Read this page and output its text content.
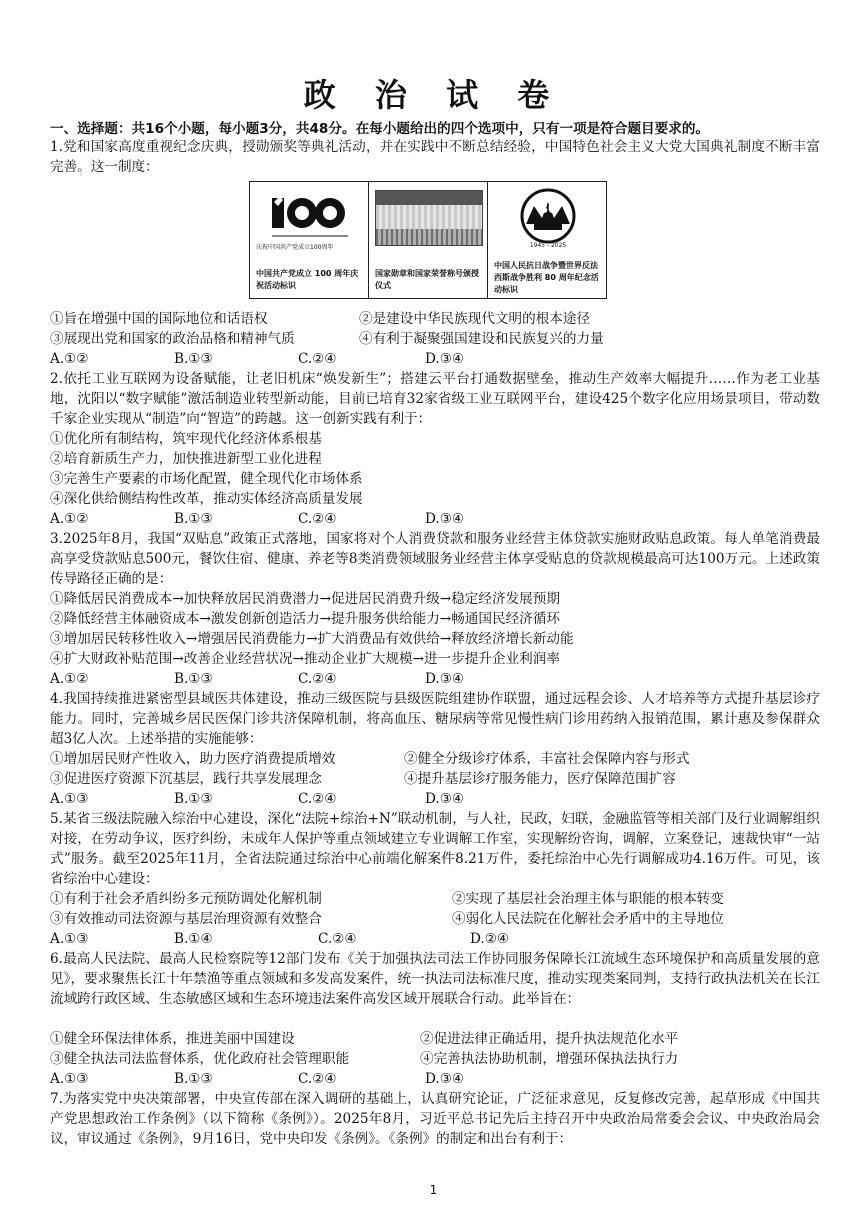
政 治 试 卷
一、选择题：共16个小题，每小题3分，共48分。在每小题给出的四个选项中，只有一项是符合题目要求的。
1.党和国家高度重视纪念庆典，授勋颁奖等典礼活动，并在实践中不断总结经验，中国特色社会主义大党大国典礼制度不断丰富完善。这一制度：
庆祝中国共产党成立100周年
中国共产党成立 100 周年庆祝活动标识
国家勋章和国家荣誉称号颁授仪式
80
1945 - 2025
中国人民抗日战争暨世界反法西斯战争胜利 80 周年纪念活动标识
①旨在增强中国的国际地位和话语权	②是建设中华民族现代文明的根本途径
③展现出党和国家的政治品格和精神气质	④有利于凝聚强国建设和民族复兴的力量
A.①②	B.①③	C.②④	D.③④
2.依托工业互联网为设备赋能，让老旧机床“焕发新生”；搭建云平台打通数据壁垒，推动生产效率大幅提升……作为老工业基地，沈阳以“数字赋能”激活制造业转型新动能，目前已培育32家省级工业互联网平台，建设425个数字化应用场景项目，带动数千家企业实现从“制造”向“智造”的跨越。这一创新实践有利于：
①优化所有制结构，筑牢现代化经济体系根基
②培育新质生产力，加快推进新型工业化进程
③完善生产要素的市场化配置，健全现代化市场体系
④深化供给侧结构性改革，推动实体经济高质量发展
A.①②	B.①③	C.②④	D.③④
3.2025年8月，我国“双贴息”政策正式落地，国家将对个人消费贷款和服务业经营主体贷款实施财政贴息政策。每人单笔消费最高享受贷款贴息500元，餐饮住宿、健康、养老等8类消费领域服务业经营主体享受贴息的贷款规模最高可达100万元。上述政策传导路径正确的是：
①降低居民消费成本→加快释放居民消费潜力→促进居民消费升级→稳定经济发展预期
②降低经营主体融资成本→激发创新创造活力→提升服务供给能力→畅通国民经济循环
③增加居民转移性收入→增强居民消费能力→扩大消费品有效供给→释放经济增长新动能
④扩大财政补贴范围→改善企业经营状况→推动企业扩大规模→进一步提升企业利润率
A.①②	B.①③	C.②④	D.③④
4.我国持续推进紧密型县域医共体建设，推动三级医院与县级医院组建协作联盟，通过远程会诊、人才培养等方式提升基层诊疗能力。同时，完善城乡居民医保门诊共济保障机制，将高血压、糖尿病等常见慢性病门诊用药纳入报销范围，累计惠及参保群众超3亿人次。上述举措的实施能够：
①增加居民财产性收入，助力医疗消费提质增效	②健全分级诊疗体系，丰富社会保障内容与形式
③促进医疗资源下沉基层，践行共享发展理念	④提升基层诊疗服务能力，医疗保障范围扩容
A.①③	B.①③	C.②④	D.③④
5.某省三级法院融入综治中心建设，深化“法院+综治+N”联动机制，与人社，民政，妇联，金融监管等相关部门及行业调解组织对接，在劳动争议，医疗纠纷，未成年人保护等重点领域建立专业调解工作室，实现解纷咨询，调解，立案登记，速裁快审“一站式”服务。截至2025年11月，全省法院通过综治中心前端化解案件8.21万件，委托综治中心先行调解成功4.16万件。可见，该省综治中心建设：
①有利于社会矛盾纠纷多元预防调处化解机制	②实现了基层社会治理主体与职能的根本转变
③有效推动司法资源与基层治理资源有效整合	④弱化人民法院在化解社会矛盾中的主导地位
A.①③	B.①④	C.②④	D.②④
6.最高人民法院、最高人民检察院等12部门发布《关于加强执法司法工作协同服务保障长江流域生态环境保护和高质量发展的意见》，要求聚焦长江十年禁渔等重点领域和多发高发案件，统一执法司法标准尺度，推动实现类案同判，支持行政执法机关在长江流域跨行政区域、生态敏感区域和生态环境违法案件高发区域开展联合行动。此举旨在：
①健全环保法律体系，推进美丽中国建设	②促进法律正确适用，提升执法规范化水平
③健全执法司法监督体系，优化政府社会管理职能	④完善执法协助机制，增强环保执法执行力
A.①③	B.①③	C.②④	D.③④
7.为落实党中央决策部署，中央宣传部在深入调研的基础上，认真研究论证，广泛征求意见，反复修改完善，起草形成《中国共产党思想政治工作条例》（以下简称《条例》）。2025年8月，习近平总书记先后主持召开中央政治局常委会会议、中央政治局会议，审议通过《条例》，9月16日，党中央印发《条例》。《条例》的制定和出台有利于：
1
